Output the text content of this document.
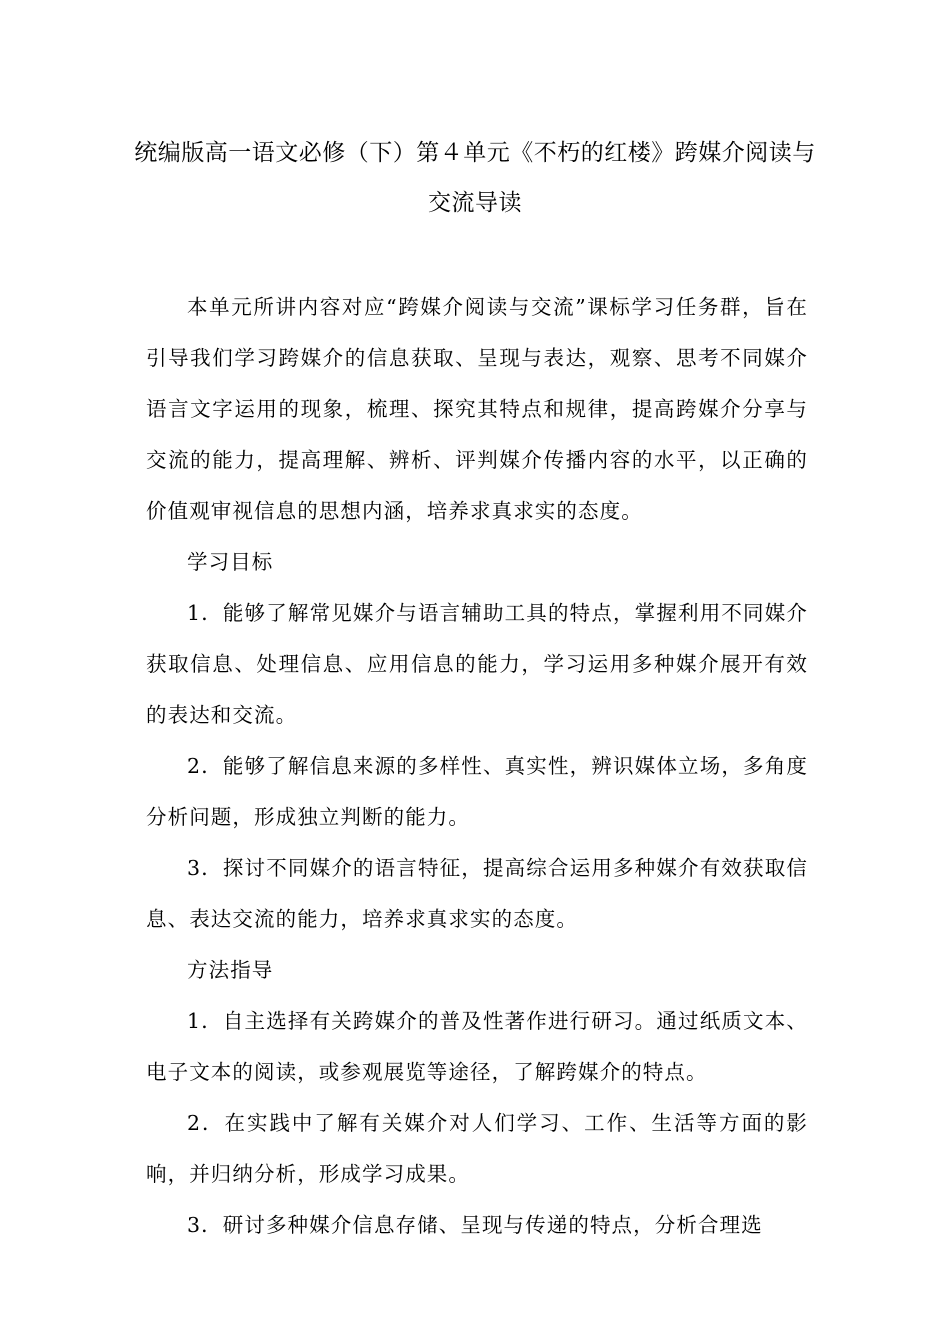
统编版高一语文必修（下）第４单元《不朽的红楼》跨媒介阅读与
交流导读

本单元所讲内容对应“跨媒介阅读与交流”课标学习任务群，旨在引导我们学习跨媒介的信息获取、呈现与表达，观察、思考不同媒介语言文字运用的现象，梳理、探究其特点和规律，提高跨媒介分享与交流的能力，提高理解、辨析、评判媒介传播内容的水平，以正确的价值观审视信息的思想内涵，培养求真求实的态度。

学习目标

1．能够了解常见媒介与语言辅助工具的特点，掌握利用不同媒介获取信息、处理信息、应用信息的能力，学习运用多种媒介展开有效的表达和交流。

2．能够了解信息来源的多样性、真实性，辨识媒体立场，多角度分析问题，形成独立判断的能力。

3．探讨不同媒介的语言特征，提高综合运用多种媒介有效获取信息、表达交流的能力，培养求真求实的态度。

方法指导

1．自主选择有关跨媒介的普及性著作进行研习。通过纸质文本、电子文本的阅读，或参观展览等途径，了解跨媒介的特点。

2．在实践中了解有关媒介对人们学习、工作、生活等方面的影响，并归纳分析，形成学习成果。

3．研讨多种媒介信息存储、呈现与传递的特点，分析合理选
